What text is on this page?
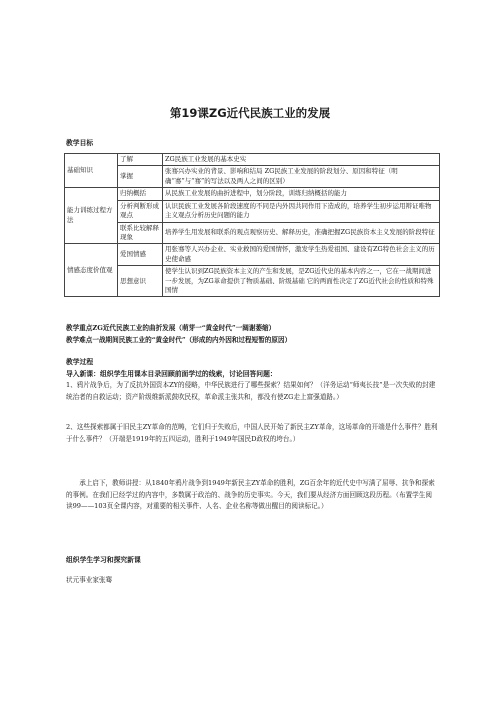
第19课ZG近代民族工业的发展
教学目标
基础知识	了解	ZG民族工业发展的基本史实
	掌握	张骞兴办实业的背景、影响和结局 ZG民族工业发展的阶段划分、原因和特征（明确“骞”与“骞”的写法以及两人之间的区别）
能力训练过程方法	归纳概括	从民族工业发展的曲折进程中，划分阶段，训练归纳概括的能力
	分析判断形成观点	认识民族工业发展各阶段速度的不同是内外因共同作用下造成的，培养学生初步运用辩证唯物主义观点分析历史问题的能力
	联系比较解释现象	培养学生用发展和联系的观点观察历史、解释历史，准确把握ZG民族资本主义发展的阶段特征
情感态度价值观	爱国情感	用张骞等人兴办企业、实业救国的爱国情怀，激发学生热爱祖国、建设有ZG特色社会主义的历史使命感
	思想意识	使学生认识到ZG民族资本主义的产生和发展，是ZG近代史的基本内容之一，它在一战期间进一步发展，为ZG革命提供了物质基础、阶级基础 它的两面性决定了ZG近代社会的性质和特殊国情
教学重点ZG近代民族工业的曲折发展（萌芽一“黄金时代”一阔谢萎缩）
教学难点一战期间民族工业的“黄金时代”（形成的内外因和过程短暂的原因）
教学过程
导入新课：组织学生用课本目录回顾前面学过的线索，讨论回答问题：
1、鸦片战争后，为了反抗外国资本ZY的侵略，中华民族进行了哪些探索？结果如何？（洋务运动“师夷长技”是一次失败的封建统治者的自救运动；资产阶级维新派鼓吹民权，革命派主张共和，都没有使ZG走上富强道路。）
2、这些探索都属于旧民主ZY革命的范畴，它们归于失败后，中国人民开始了新民主ZY革命，这场革命的开端是什么事件？胜利于什么事件？（开端是1919年的五四运动，胜利于1949年国民D政权的垮台。）
承上启下，教师讲授：从1840年鸦片战争到1949年新民主ZY革命的胜利，ZG百余年的近代史中写满了屈辱、抗争和探索的事例。在我们已经学过的内容中，多数属于政治的、战争的历史事实。今天，我们要从经济方面回顾这段历程。（布置学生阅读99——103页全课内容，对重要的相关事件、人名、企业名称等做出醒目的阅读标记。）
组织学生学习和探究新课
状元事业家张骞
